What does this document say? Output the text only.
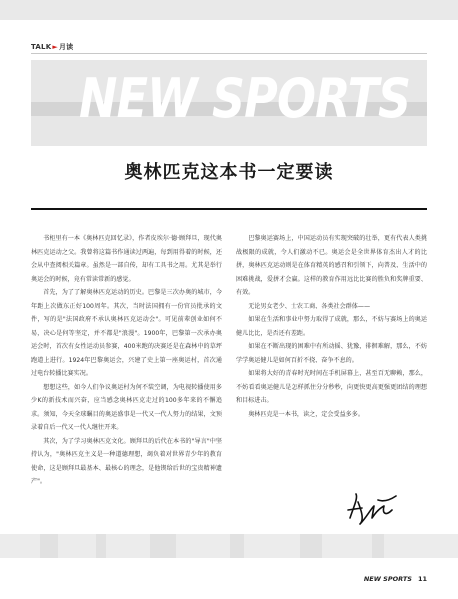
TALK►月读
NEW SPORTS
奥林匹克这本书一定要读

书柜里有一本《奥林匹克回忆录》，作者皮埃尔·德·顾拜旦，现代奥林匹克运动之父。我曾将这篇书作通读过两遍，每到用得着的时候，还会从中查阅相关篇章。虽然是一部自传，却有工具书之用。尤其是举行奥运会的时候，竟有常读常新的感觉。

首先，为了了解奥林匹克运动的历史。巴黎是三次办奥的城市，今年距上次做东正好100周年。其次，当时法国拥有一份官员批承的文件，写的是"法国政府不承认奥林匹克运动会"。可见前辈创业如何不易，决心是何等坚定，并不都是"浪漫"。1900年，巴黎第一次承办奥运会时，首次有女性运动员参赛，400米跑的决赛还是在森林中的草坪跑道上进行。1924年巴黎奥运会，兴建了史上第一座奥运村，首次通过电台转播比赛实况。

想想这些，如今人们争议奥运村为何不装空调，为电视转播使用多少K的新技术而兴奋，应当感念奥林匹克走过的100多年来的不懈追求。须知，今天全球瞩目的奥运盛事是一代又一代人努力的结果，文预录着自后一代又一代人继往开来。

其次，为了学习奥林匹克文化。顾拜旦的后代在本书的"导言"中坚持认为，"奥林匹克主义是一种道德理想，竭负着对世界青少年的教育使命，这是顾拜旦最基本、最核心的理念，是他锲给后世的宝贵精神遗产"。

巴黎奥运赛场上，中国运动员有实现突破的壮举，更有代表人类挑战极限的成就，令人们激动不已。奥运会是全世界体育杰出人才的比拼，奥林匹克运动则是在体育精英的感召和引领下，向普及、生活中的困难挑战，爱拼才会赢。这样的教育作用远比比赛的胜负和奖牌重要、有效。

无论男女老少、士农工商、各类社会群体——

如果在生活和事业中努力取得了成就，那么，不妨与赛场上的奥运健儿比比，是否还有差距。

如果在不断出现的困难中有所动摇、犹豫，徘徊难解，那么，不妨学学奥运健儿是如何百折不挠、奋争不息的。

如果将大好的青春时光时间在手机屏幕上，甚至百无聊赖，那么，不妨看看奥运健儿是怎样抓住分分秒秒，向更快更高更强更团结的理想和目标进击。

奥林匹克是一本书，读之，定会受益多多。

NEW SPORTS 11
